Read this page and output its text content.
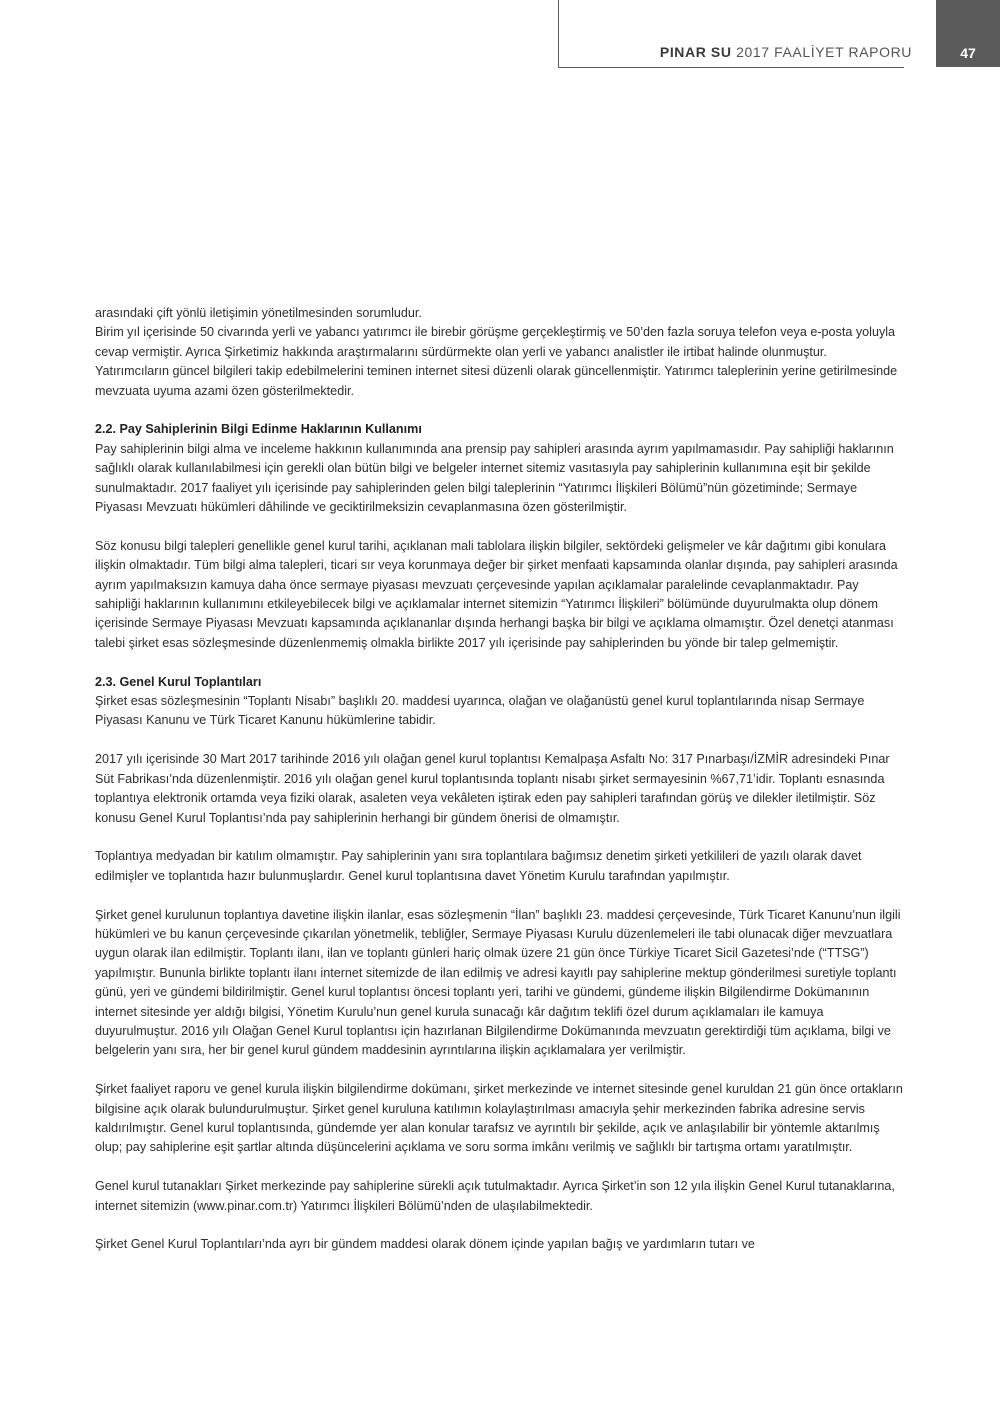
PINAR SU 2017 FAALİYET RAPORU	47

arasındaki çift yönlü iletişimin yönetilmesinden sorumludur.

Birim yıl içerisinde 50 civarında yerli ve yabancı yatırımcı ile birebir görüşme gerçekleştirmiş ve 50’den fazla soruya telefon veya e-posta yoluyla cevap vermiştir. Ayrıca Şirketimiz hakkında araştırmalarını sürdürmekte olan yerli ve yabancı analistler ile irtibat halinde olunmuştur. Yatırımcıların güncel bilgileri takip edebilmelerini teminen internet sitesi düzenli olarak güncellenmiştir. Yatırımcı taleplerinin yerine getirilmesinde mevzuata uyuma azami özen gösterilmektedir.

2.2. Pay Sahiplerinin Bilgi Edinme Haklarının Kullanımı

Pay sahiplerinin bilgi alma ve inceleme hakkının kullanımında ana prensip pay sahipleri arasında ayrım yapılmamasıdır. Pay sahipliği haklarının sağlıklı olarak kullanılabilmesi için gerekli olan bütün bilgi ve belgeler internet sitemiz vasıtasıyla pay sahiplerinin kullanımına eşit bir şekilde sunulmaktadır. 2017 faaliyet yılı içerisinde pay sahiplerinden gelen bilgi taleplerinin “Yatırımcı İlişkileri Bölümü”nün gözetiminde; Sermaye Piyasası Mevzuatı hükümleri dâhilinde ve geciktirilmeksizin cevaplanmasına özen gösterilmiştir.

Söz konusu bilgi talepleri genellikle genel kurul tarihi, açıklanan mali tablolara ilişkin bilgiler, sektördeki gelişmeler ve kâr dağıtımı gibi konulara ilişkin olmaktadır. Tüm bilgi alma talepleri, ticari sır veya korunmaya değer bir şirket menfaati kapsamında olanlar dışında, pay sahipleri arasında ayrım yapılmaksızın kamuya daha önce sermaye piyasası mevzuatı çerçevesinde yapılan açıklamalar paralelinde cevaplanmaktadır. Pay sahipliği haklarının kullanımını etkileyebilecek bilgi ve açıklamalar internet sitemizin “Yatırımcı İlişkileri” bölümünde duyurulmakta olup dönem içerisinde Sermaye Piyasası Mevzuatı kapsamında açıklananlar dışında herhangi başka bir bilgi ve açıklama olmamıştır. Özel denetçi atanması talebi şirket esas sözleşmesinde düzenlenmemiş olmakla birlikte 2017 yılı içerisinde pay sahiplerinden bu yönde bir talep gelmemiştir.

2.3. Genel Kurul Toplantıları

Şirket esas sözleşmesinin “Toplantı Nisabı” başlıklı 20. maddesi uyarınca, olağan ve olağanüstü genel kurul toplantılarında nisap Sermaye Piyasası Kanunu ve Türk Ticaret Kanunu hükümlerine tabidir.

2017 yılı içerisinde 30 Mart 2017 tarihinde 2016 yılı olağan genel kurul toplantısı Kemalpaşa Asfaltı No: 317 Pınarbaşı/İZMİR adresindeki Pınar Süt Fabrikası’nda düzenlenmiştir. 2016 yılı olağan genel kurul toplantısında toplantı nisabı şirket sermayesinin %67,71’idir. Toplantı esnasında toplantıya elektronik ortamda veya fiziki olarak, asaleten veya vekâleten iştirak eden pay sahipleri tarafından görüş ve dilekler iletilmiştir. Söz konusu Genel Kurul Toplantısı’nda pay sahiplerinin herhangi bir gündem önerisi de olmamıştır.

Toplantıya medyadan bir katılım olmamıştır. Pay sahiplerinin yanı sıra toplantılara bağımsız denetim şirketi yetkilileri de yazılı olarak davet edilmişler ve toplantıda hazır bulunmuşlardır. Genel kurul toplantısına davet Yönetim Kurulu tarafından yapılmıştır.

Şirket genel kurulunun toplantıya davetine ilişkin ilanlar, esas sözleşmenin “İlan” başlıklı 23. maddesi çerçevesinde, Türk Ticaret Kanunu’nun ilgili hükümleri ve bu kanun çerçevesinde çıkarılan yönetmelik, tebliğler, Sermaye Piyasası Kurulu düzenlemeleri ile tabi olunacak diğer mevzuatlara uygun olarak ilan edilmiştir. Toplantı ilanı, ilan ve toplantı günleri hariç olmak üzere 21 gün önce Türkiye Ticaret Sicil Gazetesi’nde (“TTSG”) yapılmıştır. Bununla birlikte toplantı ilanı internet sitemizde de ilan edilmiş ve adresi kayıtlı pay sahiplerine mektup gönderilmesi suretiyle toplantı günü, yeri ve gündemi bildirilmiştir. Genel kurul toplantısı öncesi toplantı yeri, tarihi ve gündemi, gündeme ilişkin Bilgilendirme Dokümanının internet sitesinde yer aldığı bilgisi, Yönetim Kurulu’nun genel kurula sunacağı kâr dağıtım teklifi özel durum açıklamaları ile kamuya duyurulmuştur. 2016 yılı Olağan Genel Kurul toplantısı için hazırlanan Bilgilendirme Dokümanında mevzuatın gerektirdiği tüm açıklama, bilgi ve belgelerin yanı sıra, her bir genel kurul gündem maddesinin ayrıntılarına ilişkin açıklamalara yer verilmiştir.

Şirket faaliyet raporu ve genel kurula ilişkin bilgilendirme dokümanı, şirket merkezinde ve internet sitesinde genel kuruldan 21 gün önce ortakların bilgisine açık olarak bulundurulmuştur. Şirket genel kuruluna katılımın kolaylaştırılması amacıyla şehir merkezinden fabrika adresine servis kaldırılmıştır. Genel kurul toplantısında, gündemde yer alan konular tarafsız ve ayrıntılı bir şekilde, açık ve anlaşılabilir bir yöntemle aktarılmış olup; pay sahiplerine eşit şartlar altında düşüncelerini açıklama ve soru sorma imkânı verilmiş ve sağlıklı bir tartışma ortamı yaratılmıştır.

Genel kurul tutanakları Şirket merkezinde pay sahiplerine sürekli açık tutulmaktadır. Ayrıca Şirket’in son 12 yıla ilişkin Genel Kurul tutanaklarına, internet sitemizin (www.pinar.com.tr) Yatırımcı İlişkileri Bölümü’nden de ulaşılabilmektedir.

Şirket Genel Kurul Toplantıları’nda ayrı bir gündem maddesi olarak dönem içinde yapılan bağış ve yardımların tutarı ve
